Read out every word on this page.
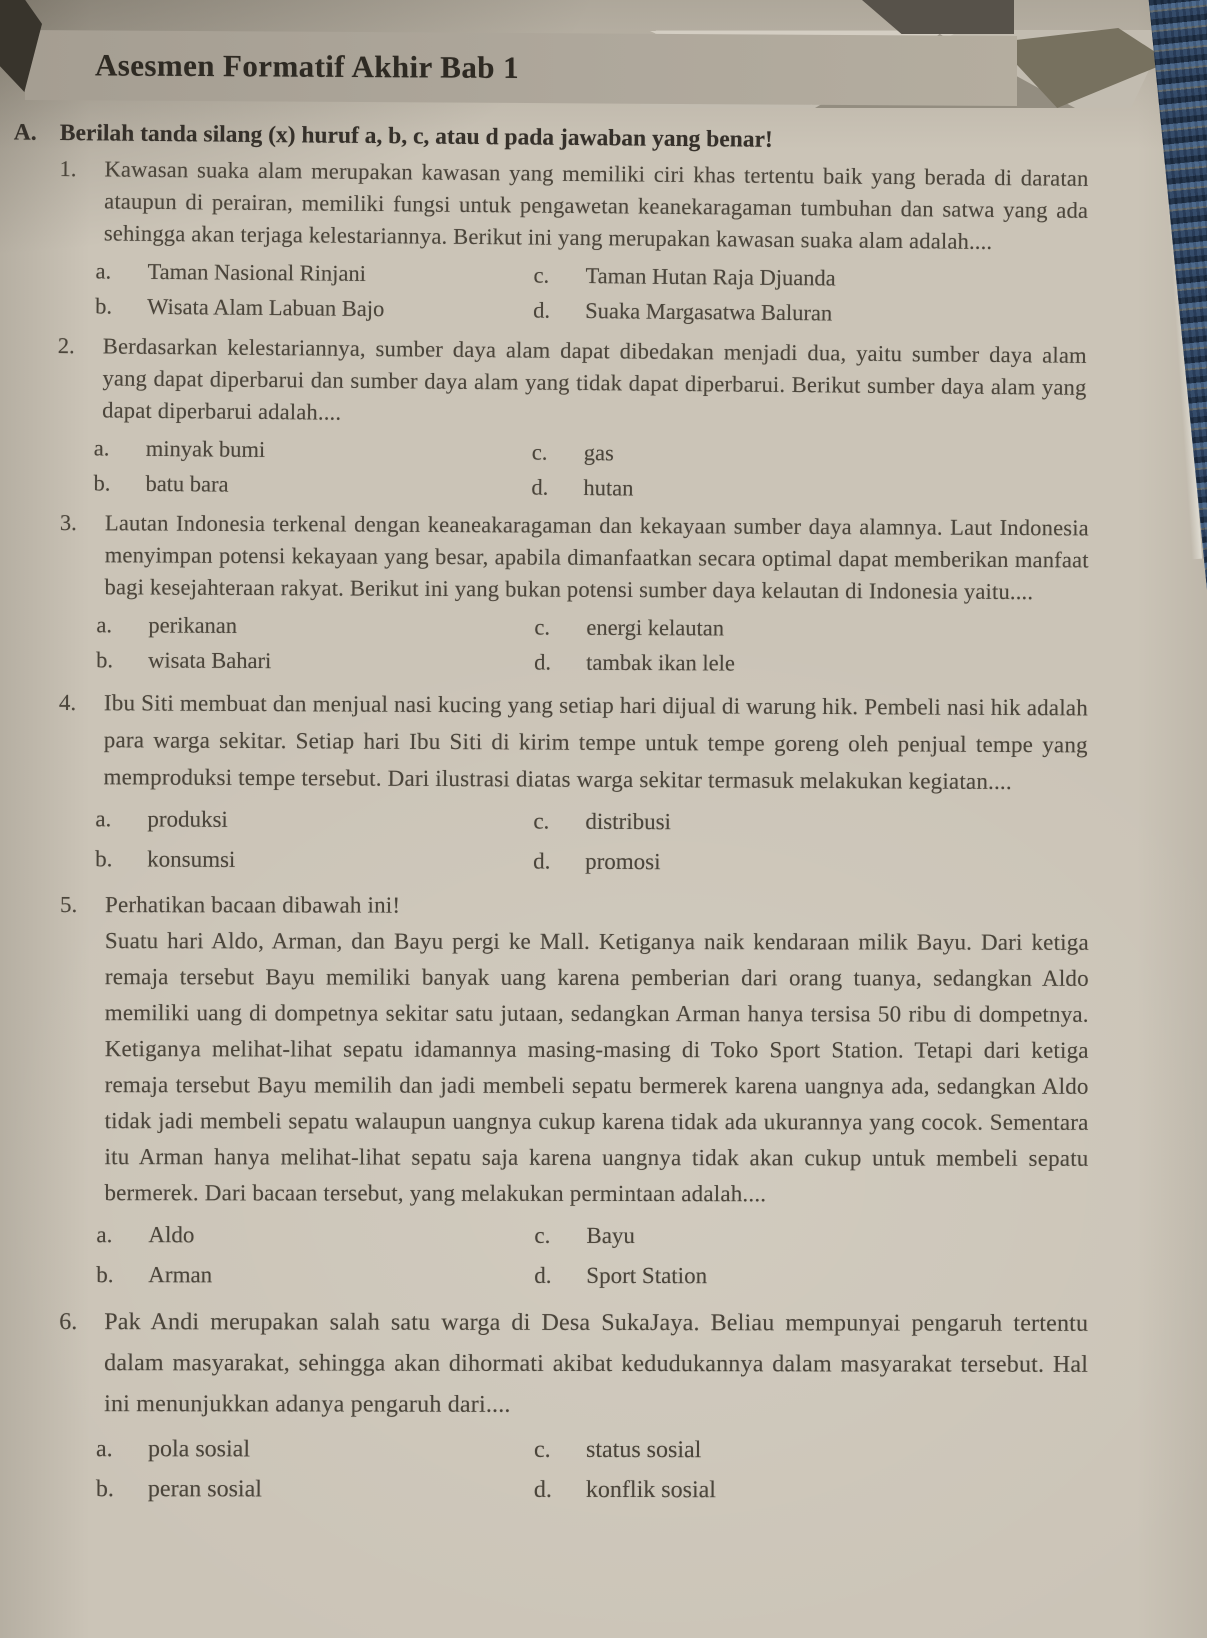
Asesmen Formatif Akhir Bab 1
A. Berilah tanda silang (x) huruf a, b, c, atau d pada jawaban yang benar!
1.	Kawasan suaka alam merupakan kawasan yang memiliki ciri khas tertentu baik yang berada di daratan ataupun di perairan, memiliki fungsi untuk pengawetan keanekaragaman tumbuhan dan satwa yang ada sehingga akan terjaga kelestariannya. Berikut ini yang merupakan kawasan suaka alam adalah....

a.	Taman Nasional Rinjani	c.	Taman Hutan Raja Djuanda
b.	Wisata Alam Labuan Bajo	d.	Suaka Margasatwa Baluran
2.	Berdasarkan kelestariannya, sumber daya alam dapat dibedakan menjadi dua, yaitu sumber daya alam yang dapat diperbarui dan sumber daya alam yang tidak dapat diperbarui. Berikut sumber daya alam yang dapat diperbarui adalah....

a.	minyak bumi	c.	gas
b.	batu bara	d.	hutan
3.	Lautan Indonesia terkenal dengan keaneakaragaman dan kekayaan sumber daya alamnya. Laut Indonesia menyimpan potensi kekayaan yang besar, apabila dimanfaatkan secara optimal dapat memberikan manfaat bagi kesejahteraan rakyat. Berikut ini yang bukan potensi sumber daya kelautan di Indonesia yaitu....

a.	perikanan	c.	energi kelautan
b.	wisata Bahari	d.	tambak ikan lele
4.	Ibu Siti membuat dan menjual nasi kucing yang setiap hari dijual di warung hik. Pembeli nasi hik adalah para warga sekitar. Setiap hari Ibu Siti di kirim tempe untuk tempe goreng oleh penjual tempe yang memproduksi tempe tersebut. Dari ilustrasi diatas warga sekitar termasuk melakukan kegiatan....

a.	produksi	c.	distribusi
b.	konsumsi	d.	promosi
5.	Perhatikan bacaan dibawah ini!

Suatu hari Aldo, Arman, dan Bayu pergi ke Mall. Ketiganya naik kendaraan milik Bayu. Dari ketiga remaja tersebut Bayu memiliki banyak uang karena pemberian dari orang tuanya, sedangkan Aldo memiliki uang di dompetnya sekitar satu jutaan, sedangkan Arman hanya tersisa 50 ribu di dompetnya. Ketiganya melihat-lihat sepatu idamannya masing-masing di Toko Sport Station. Tetapi dari ketiga remaja tersebut Bayu memilih dan jadi membeli sepatu bermerek karena uangnya ada, sedangkan Aldo tidak jadi membeli sepatu walaupun uangnya cukup karena tidak ada ukurannya yang cocok. Sementara itu Arman hanya melihat-lihat sepatu saja karena uangnya tidak akan cukup untuk membeli sepatu bermerek. Dari bacaan tersebut, yang melakukan permintaan adalah....

a.	Aldo	c.	Bayu
b.	Arman	d.	Sport Station
6.	Pak Andi merupakan salah satu warga di Desa SukaJaya. Beliau mempunyai pengaruh tertentu dalam masyarakat, sehingga akan dihormati akibat kedudukannya dalam masyarakat tersebut. Hal ini menunjukkan adanya pengaruh dari....

a.	pola sosial	c.	status sosial
b.	peran sosial	d.	konflik sosial
